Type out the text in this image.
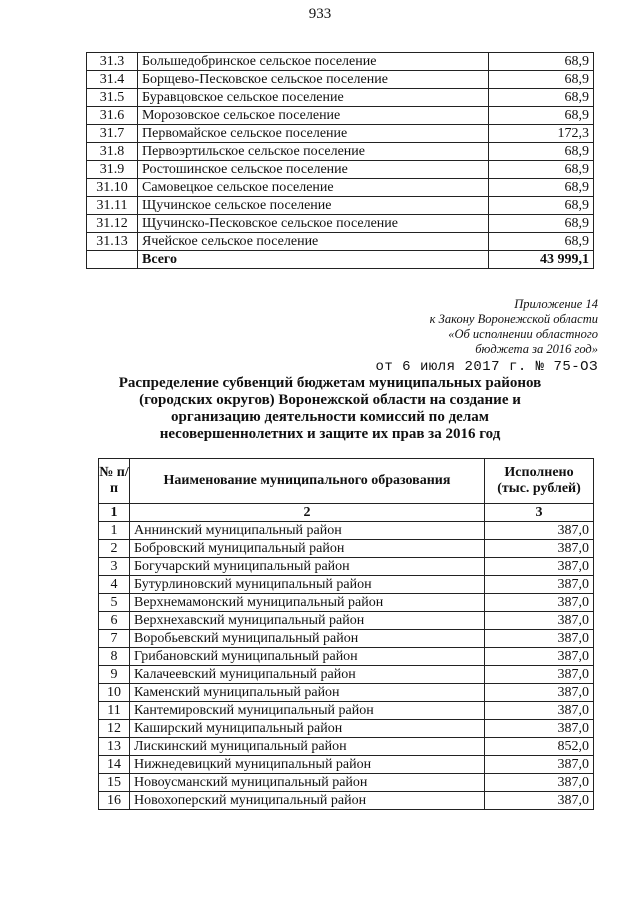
933
31.3	Большедобринское сельское поселение	68,9
31.4	Борщево-Песковское сельское поселение	68,9
31.5	Буравцовское сельское поселение	68,9
31.6	Морозовское сельское поселение	68,9
31.7	Первомайское сельское поселение	172,3
31.8	Первоэртильское сельское поселение	68,9
31.9	Ростошинское сельское поселение	68,9
31.10	Самовецкое сельское поселение	68,9
31.11	Щучинское сельское поселение	68,9
31.12	Щучинско-Песковское сельское поселение	68,9
31.13	Ячейское сельское поселение	68,9
	Всего	43 999,1
Приложение 14
к Закону Воронежской области
«Об исполнении областного
бюджета за 2016 год»
от 6 июля 2017 г. № 75-ОЗ
Распределение субвенций бюджетам муниципальных районов
(городских округов) Воронежской области на создание и
организацию деятельности комиссий по делам
несовершеннолетних и защите их прав за 2016 год
№ п/п	Наименование муниципального образования	Исполнено (тыс. рублей)
1	2	3
1	Аннинский муниципальный район	387,0
2	Бобровский муниципальный район	387,0
3	Богучарский муниципальный район	387,0
4	Бутурлиновский муниципальный район	387,0
5	Верхнемамонский муниципальный район	387,0
6	Верхнехавский муниципальный район	387,0
7	Воробьевский муниципальный район	387,0
8	Грибановский муниципальный район	387,0
9	Калачеевский муниципальный район	387,0
10	Каменский муниципальный район	387,0
11	Кантемировский муниципальный район	387,0
12	Каширский муниципальный район	387,0
13	Лискинский муниципальный район	852,0
14	Нижнедевицкий муниципальный район	387,0
15	Новоусманский муниципальный район	387,0
16	Новохоперский муниципальный район	387,0
